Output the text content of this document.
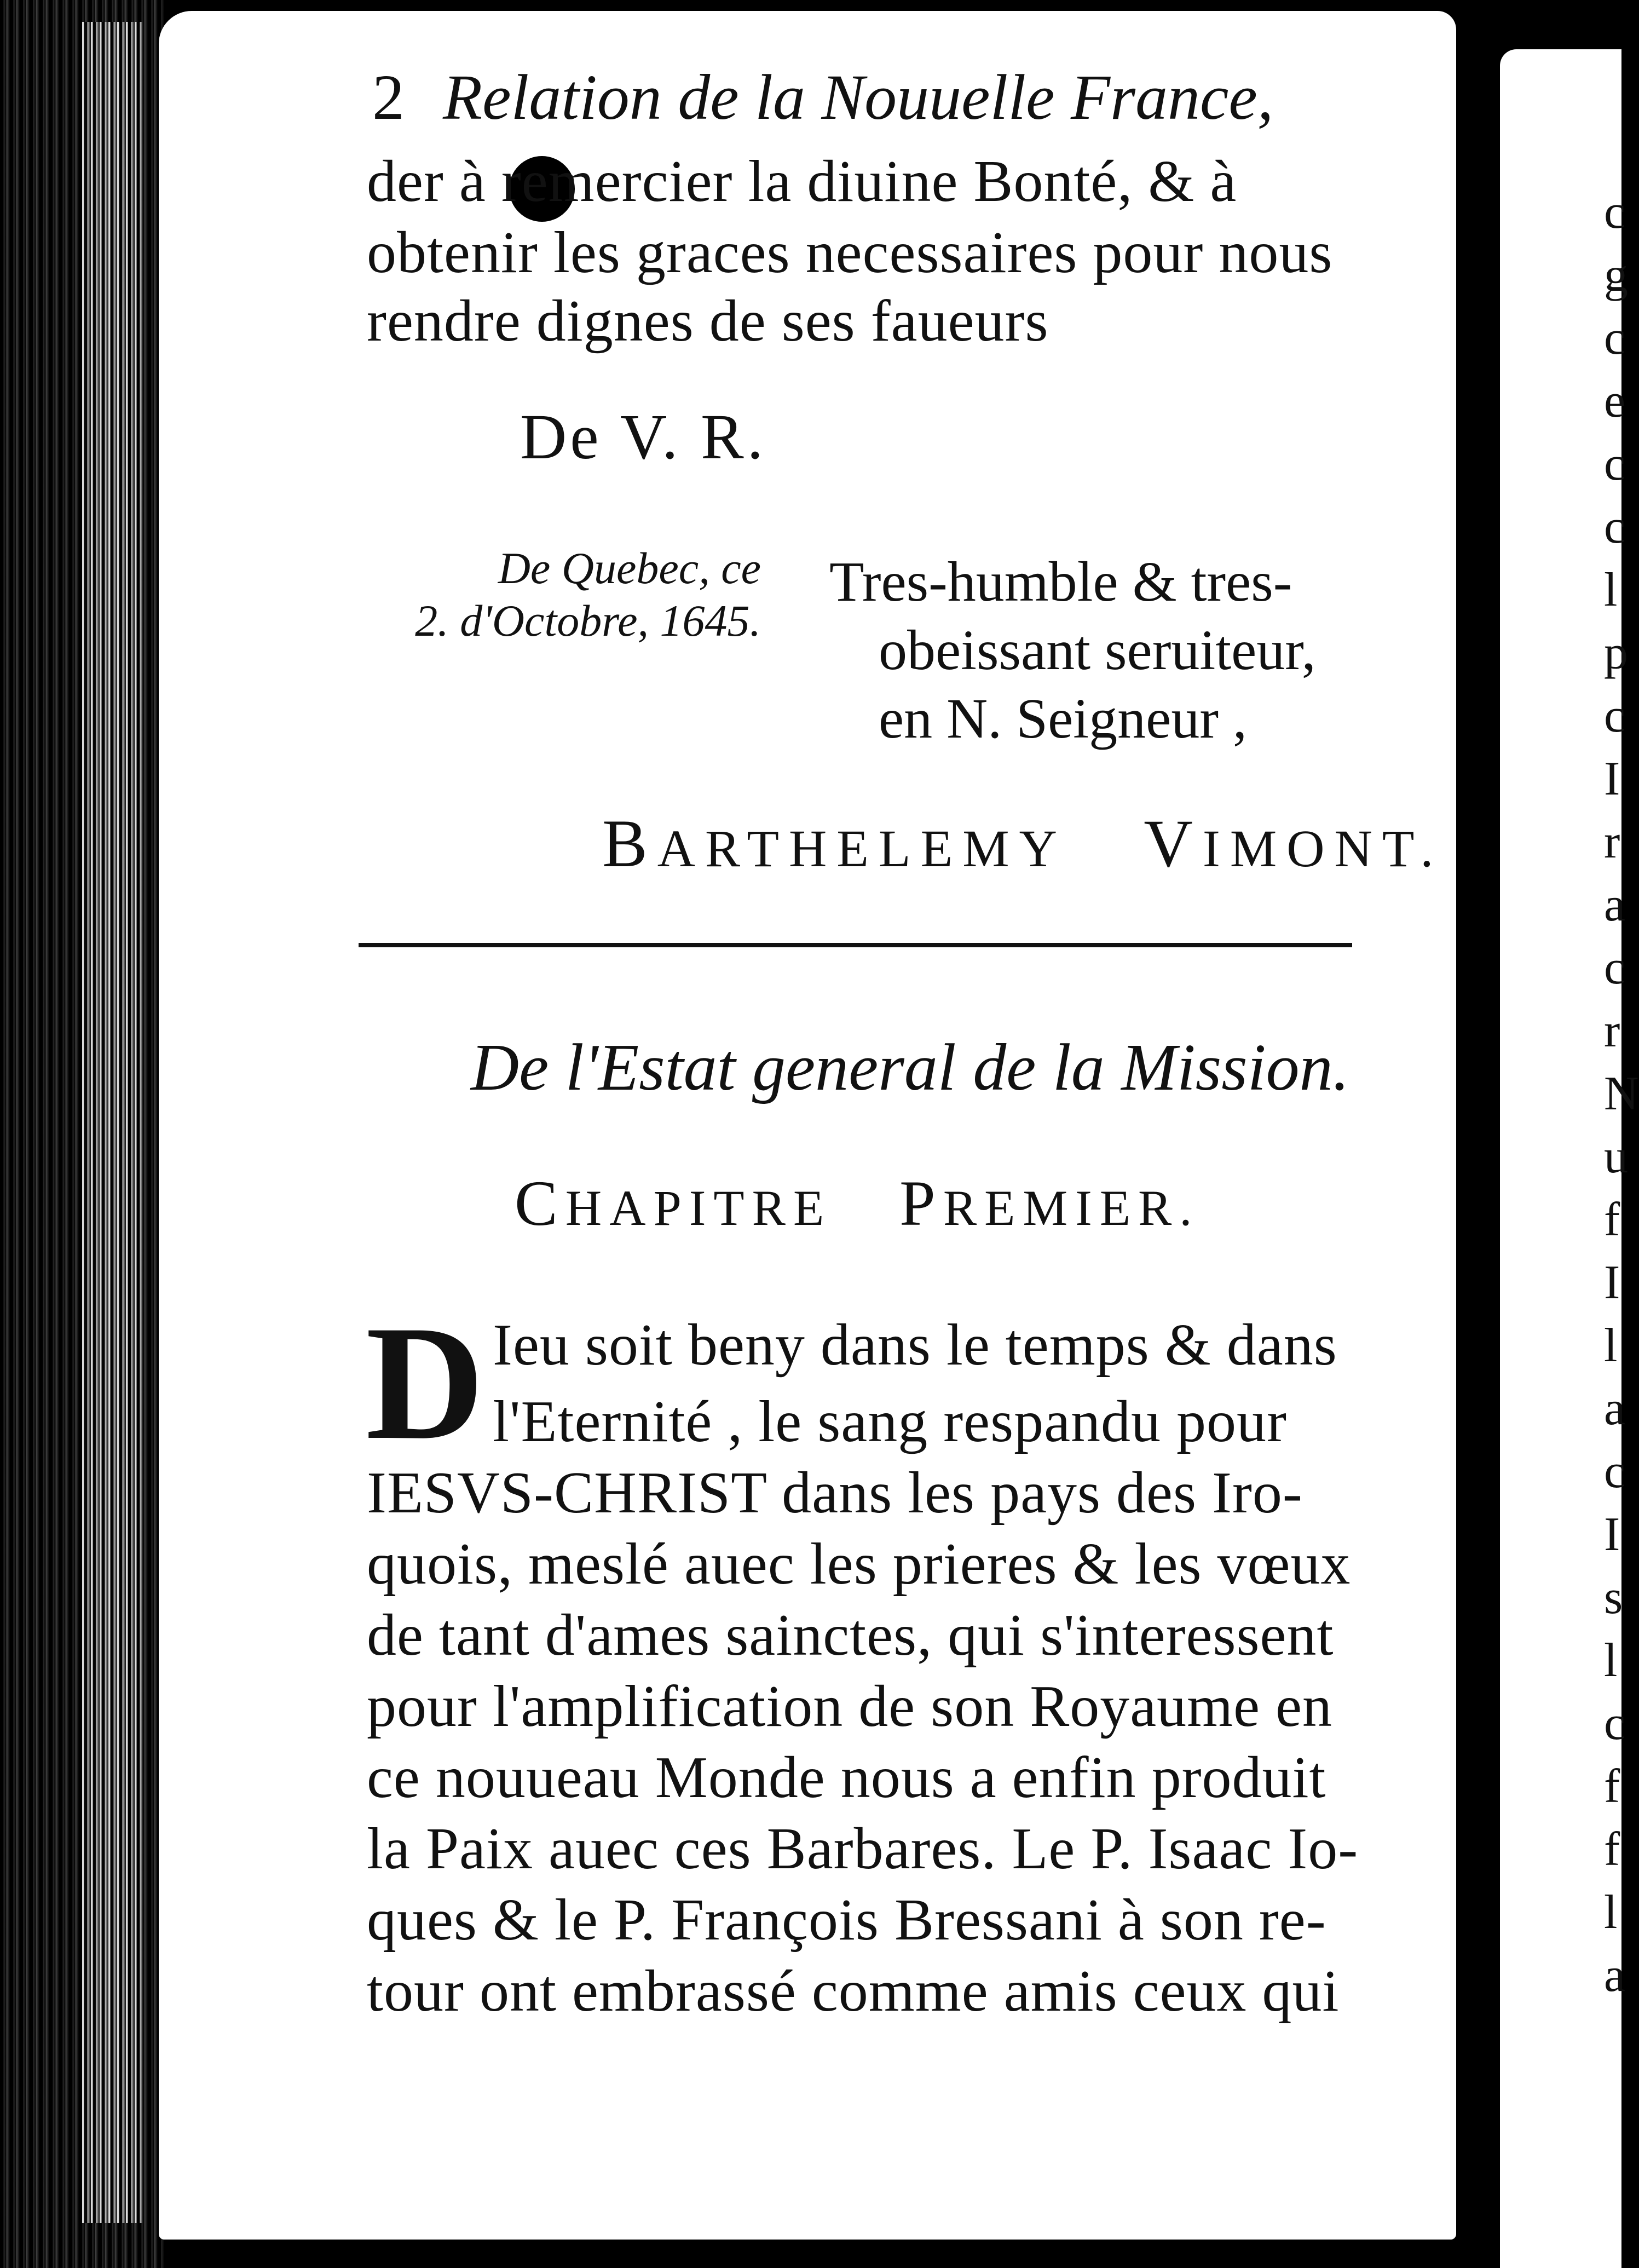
c
g
c
e
c
c
l
p
c
I
r
a
c
r
N
u
f
I
l
a
c
I
s
l
c
f
f
l
a
2 Relation de la Nouuelle France,
der à remercier la diuine Bonté, & à
obtenir les graces necessaires pour nous
rendre dignes de ses faueurs
De V. R.
De Quebec, ce
2. d'Octobre, 1645.
Tres-humble & tres-
obeissant seruiteur,
en N. Seigneur ,
BARTHELEMY VIMONT.
De l'Estat general de la Mission.
CHAPITRE PREMIER.
D Ieu soit beny dans le temps & dans
l'Eternité , le sang respandu pour
IESVS-CHRIST dans les pays des Iro-
quois, meslé auec les prieres & les vœux
de tant d'ames sainctes, qui s'interessent
pour l'amplification de son Royaume en
ce nouueau Monde nous a enfin produit
la Paix auec ces Barbares. Le P. Isaac Io-
ques & le P. François Bressani à son re-
tour ont embrassé comme amis ceux qui
